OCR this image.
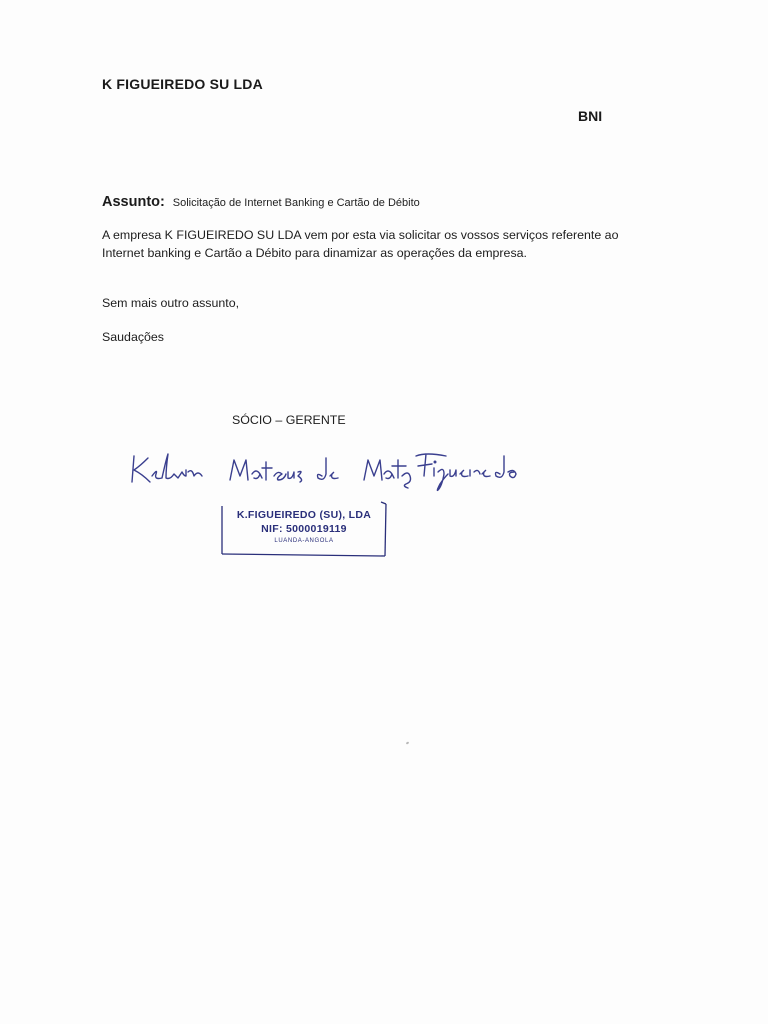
K FIGUEIREDO SU LDA
BNI
Assunto: Solicitação de Internet Banking e Cartão de Débito
A empresa K FIGUEIREDO SU LDA vem por esta via solicitar os vossos serviços referente ao
Internet banking e Cartão a Débito para dinamizar as operações da empresa.
Sem mais outro assunto,
Saudações
SÓCIO – GERENTE
K.FIGUEIREDO (SU), LDA
NIF: 5000019119
LUANDA-ANGOLA
